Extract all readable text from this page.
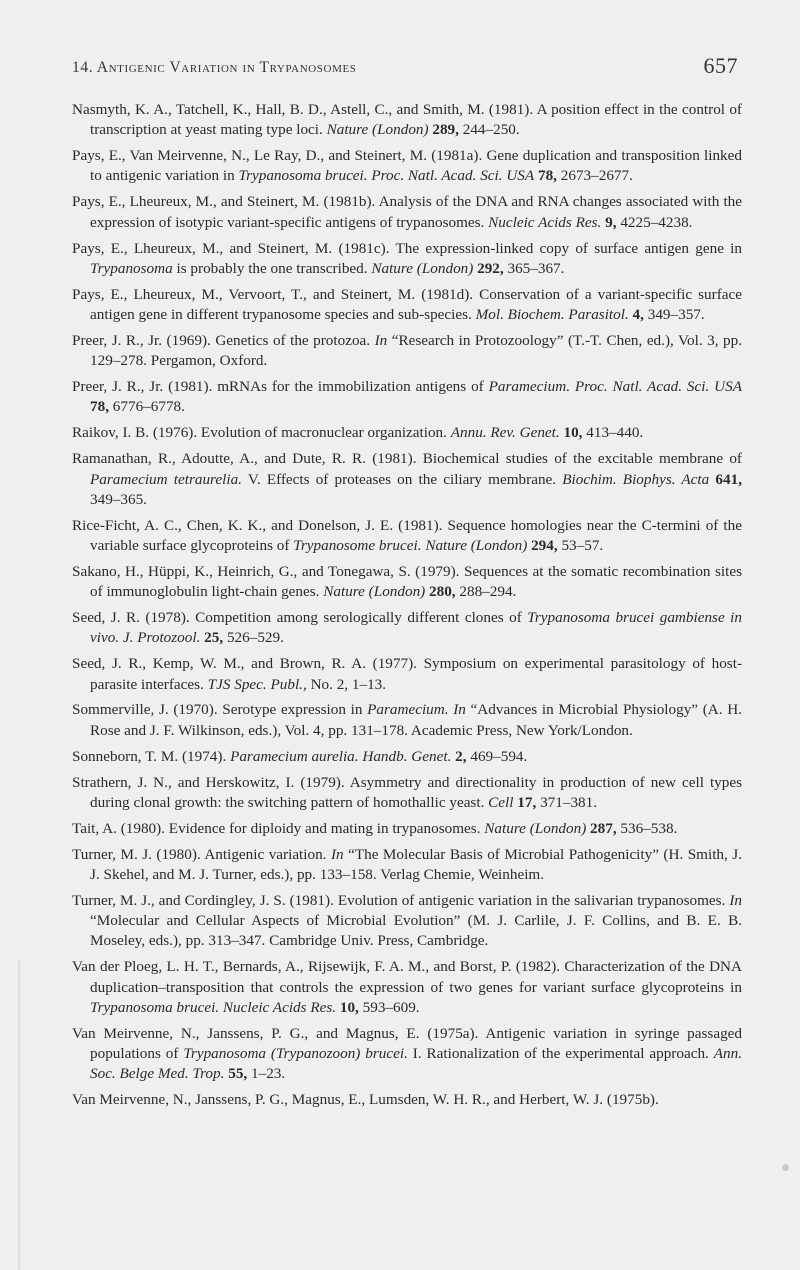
14. Antigenic Variation in Trypanosomes	657

Nasmyth, K. A., Tatchell, K., Hall, B. D., Astell, C., and Smith, M. (1981). A position effect in the control of transcription at yeast mating type loci. Nature (London) 289, 244–250.

Pays, E., Van Meirvenne, N., Le Ray, D., and Steinert, M. (1981a). Gene duplication and transposition linked to antigenic variation in Trypanosoma brucei. Proc. Natl. Acad. Sci. USA 78, 2673–2677.

Pays, E., Lheureux, M., and Steinert, M. (1981b). Analysis of the DNA and RNA changes associated with the expression of isotypic variant-specific antigens of trypanosomes. Nucleic Acids Res. 9, 4225–4238.

Pays, E., Lheureux, M., and Steinert, M. (1981c). The expression-linked copy of surface antigen gene in Trypanosoma is probably the one transcribed. Nature (London) 292, 365–367.

Pays, E., Lheureux, M., Vervoort, T., and Steinert, M. (1981d). Conservation of a variant-specific surface antigen gene in different trypanosome species and sub-species. Mol. Biochem. Parasitol. 4, 349–357.

Preer, J. R., Jr. (1969). Genetics of the protozoa. In “Research in Protozoology” (T.-T. Chen, ed.), Vol. 3, pp. 129–278. Pergamon, Oxford.

Preer, J. R., Jr. (1981). mRNAs for the immobilization antigens of Paramecium. Proc. Natl. Acad. Sci. USA 78, 6776–6778.

Raikov, I. B. (1976). Evolution of macronuclear organization. Annu. Rev. Genet. 10, 413–440.

Ramanathan, R., Adoutte, A., and Dute, R. R. (1981). Biochemical studies of the excitable membrane of Paramecium tetraurelia. V. Effects of proteases on the ciliary membrane. Biochim. Biophys. Acta 641, 349–365.

Rice-Ficht, A. C., Chen, K. K., and Donelson, J. E. (1981). Sequence homologies near the C-termini of the variable surface glycoproteins of Trypanosome brucei. Nature (London) 294, 53–57.

Sakano, H., Hüppi, K., Heinrich, G., and Tonegawa, S. (1979). Sequences at the somatic recombination sites of immunoglobulin light-chain genes. Nature (London) 280, 288–294.

Seed, J. R. (1978). Competition among serologically different clones of Trypanosoma brucei gambiense in vivo. J. Protozool. 25, 526–529.

Seed, J. R., Kemp, W. M., and Brown, R. A. (1977). Symposium on experimental parasitology of host-parasite interfaces. TJS Spec. Publ., No. 2, 1–13.

Sommerville, J. (1970). Serotype expression in Paramecium. In “Advances in Microbial Physiology” (A. H. Rose and J. F. Wilkinson, eds.), Vol. 4, pp. 131–178. Academic Press, New York/London.

Sonneborn, T. M. (1974). Paramecium aurelia. Handb. Genet. 2, 469–594.

Strathern, J. N., and Herskowitz, I. (1979). Asymmetry and directionality in production of new cell types during clonal growth: the switching pattern of homothallic yeast. Cell 17, 371–381.

Tait, A. (1980). Evidence for diploidy and mating in trypanosomes. Nature (London) 287, 536–538.

Turner, M. J. (1980). Antigenic variation. In “The Molecular Basis of Microbial Pathogenicity” (H. Smith, J. J. Skehel, and M. J. Turner, eds.), pp. 133–158. Verlag Chemie, Weinheim.

Turner, M. J., and Cordingley, J. S. (1981). Evolution of antigenic variation in the salivarian trypanosomes. In “Molecular and Cellular Aspects of Microbial Evolution” (M. J. Carlile, J. F. Collins, and B. E. B. Moseley, eds.), pp. 313–347. Cambridge Univ. Press, Cambridge.

Van der Ploeg, L. H. T., Bernards, A., Rijsewijk, F. A. M., and Borst, P. (1982). Characterization of the DNA duplication–transposition that controls the expression of two genes for variant surface glycoproteins in Trypanosoma brucei. Nucleic Acids Res. 10, 593–609.

Van Meirvenne, N., Janssens, P. G., and Magnus, E. (1975a). Antigenic variation in syringe passaged populations of Trypanosoma (Trypanozoon) brucei. I. Rationalization of the experimental approach. Ann. Soc. Belge Med. Trop. 55, 1–23.

Van Meirvenne, N., Janssens, P. G., Magnus, E., Lumsden, W. H. R., and Herbert, W. J. (1975b).
